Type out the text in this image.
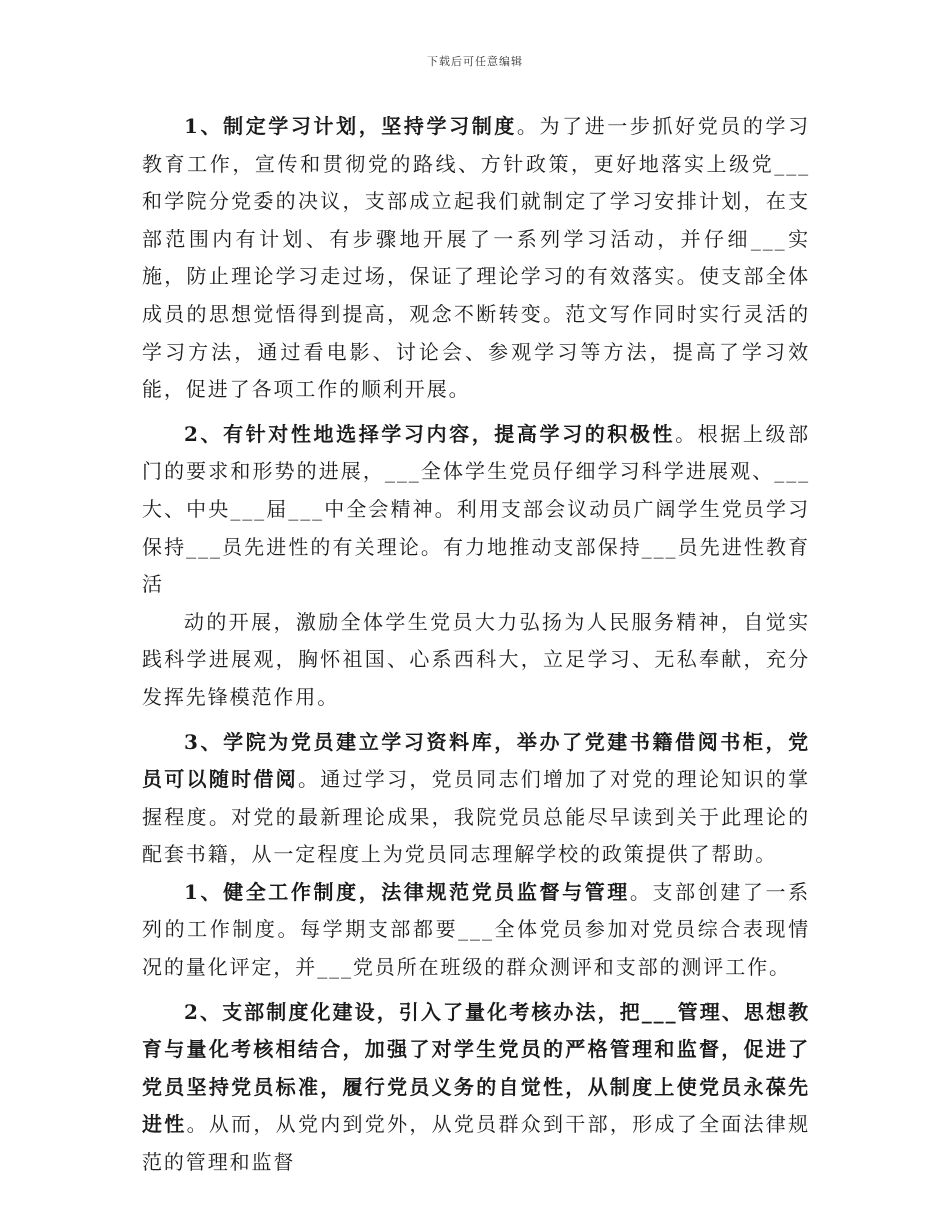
下载后可任意编辑

1、制定学习计划，坚持学习制度。为了进一步抓好党员的学习教育工作，宣传和贯彻党的路线、方针政策，更好地落实上级党___和学院分党委的决议，支部成立起我们就制定了学习安排计划，在支部范围内有计划、有步骤地开展了一系列学习活动，并仔细___实施，防止理论学习走过场，保证了理论学习的有效落实。使支部全体成员的思想觉悟得到提高，观念不断转变。范文写作同时实行灵活的学习方法，通过看电影、讨论会、参观学习等方法，提高了学习效能，促进了各项工作的顺利开展。

2、有针对性地选择学习内容，提高学习的积极性。根据上级部门的要求和形势的进展，___全体学生党员仔细学习科学进展观、___大、中央___届___中全会精神。利用支部会议动员广阔学生党员学习保持___员先进性的有关理论。有力地推动支部保持___员先进性教育活

动的开展，激励全体学生党员大力弘扬为人民服务精神，自觉实践科学进展观，胸怀祖国、心系西科大，立足学习、无私奉献，充分发挥先锋模范作用。

3、学院为党员建立学习资料库，举办了党建书籍借阅书柜，党员可以随时借阅。通过学习，党员同志们增加了对党的理论知识的掌握程度。对党的最新理论成果，我院党员总能尽早读到关于此理论的配套书籍，从一定程度上为党员同志理解学校的政策提供了帮助。

1、健全工作制度，法律规范党员监督与管理。支部创建了一系列的工作制度。每学期支部都要___全体党员参加对党员综合表现情况的量化评定，并___党员所在班级的群众测评和支部的测评工作。

2、支部制度化建设，引入了量化考核办法，把___管理、思想教育与量化考核相结合，加强了对学生党员的严格管理和监督，促进了党员坚持党员标准，履行党员义务的自觉性，从制度上使党员永葆先进性。从而，从党内到党外，从党员群众到干部，形成了全面法律规范的管理和监督
